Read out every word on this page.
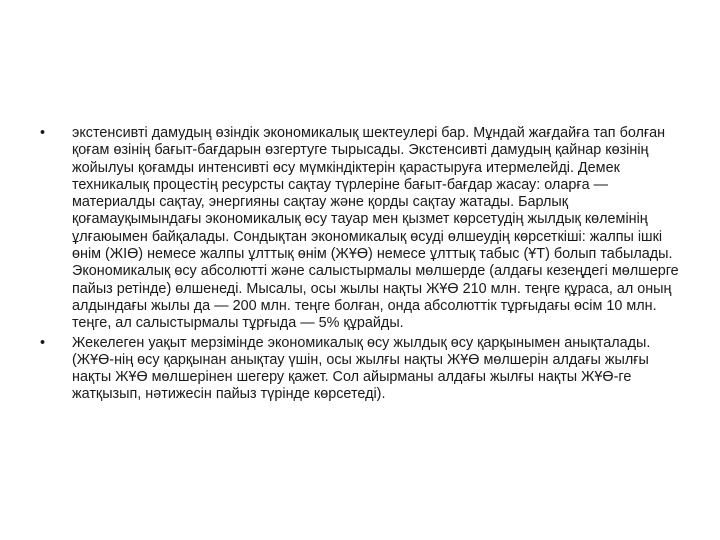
• экстенсивті дамудың өзіндік экономикалық шектеулері бар. Мұндай жағдайға тап болған қоғам өзінің бағыт-бағдарын өзгертуге тырысады. Экстенсивті дамудың қайнар көзінің жойылуы қоғамды интенсивті өсу мүмкіндіктерін қарастыруға итермелейді. Демек техникалық процестің ресурсты сақтау түрлеріне бағыт-бағдар жасау: оларға — материалды сақтау, энергияны сақтау және қорды сақтау жатады. Барлық қоғамауқымындағы экономикалық өсу тауар мен қызмет көрсетудің жылдық көлемінің ұлғаюымен байқалады. Сондықтан экономикалық өсуді өлшеудің көрсеткіші: жалпы ішкі өнім (ЖІӨ) немесе жалпы ұлттық өнім (ЖҰӨ) немесе ұлттық табыс (ҰТ) болып табылады. Экономикалық өсу абсолютті және салыстырмалы мөлшерде (алдағы кезеңдегі мөлшерге пайыз ретінде) өлшенеді. Мысалы, осы жылы нақты ЖҰӨ 210 млн. теңге құраса, ал оның алдындағы жылы да — 200 млн. теңге болған, онда абсолюттік тұрғыдағы өсім 10 млн. теңге, ал салыстырмалы тұрғыда — 5% құрайды.
• Жекелеген уақыт мерзімінде экономикалық өсу жылдық өсу қарқынымен анықталады. (ЖҰӨ-нің өсу қарқынан анықтау үшін, осы жылғы нақты ЖҰӨ мөлшерін алдағы жылғы нақты ЖҰӨ мөлшерінен шегеру қажет. Сол айырманы алдағы жылғы нақты ЖҰӨ-ге жатқызып, нәтижесін пайыз түрінде көрсетеді).
